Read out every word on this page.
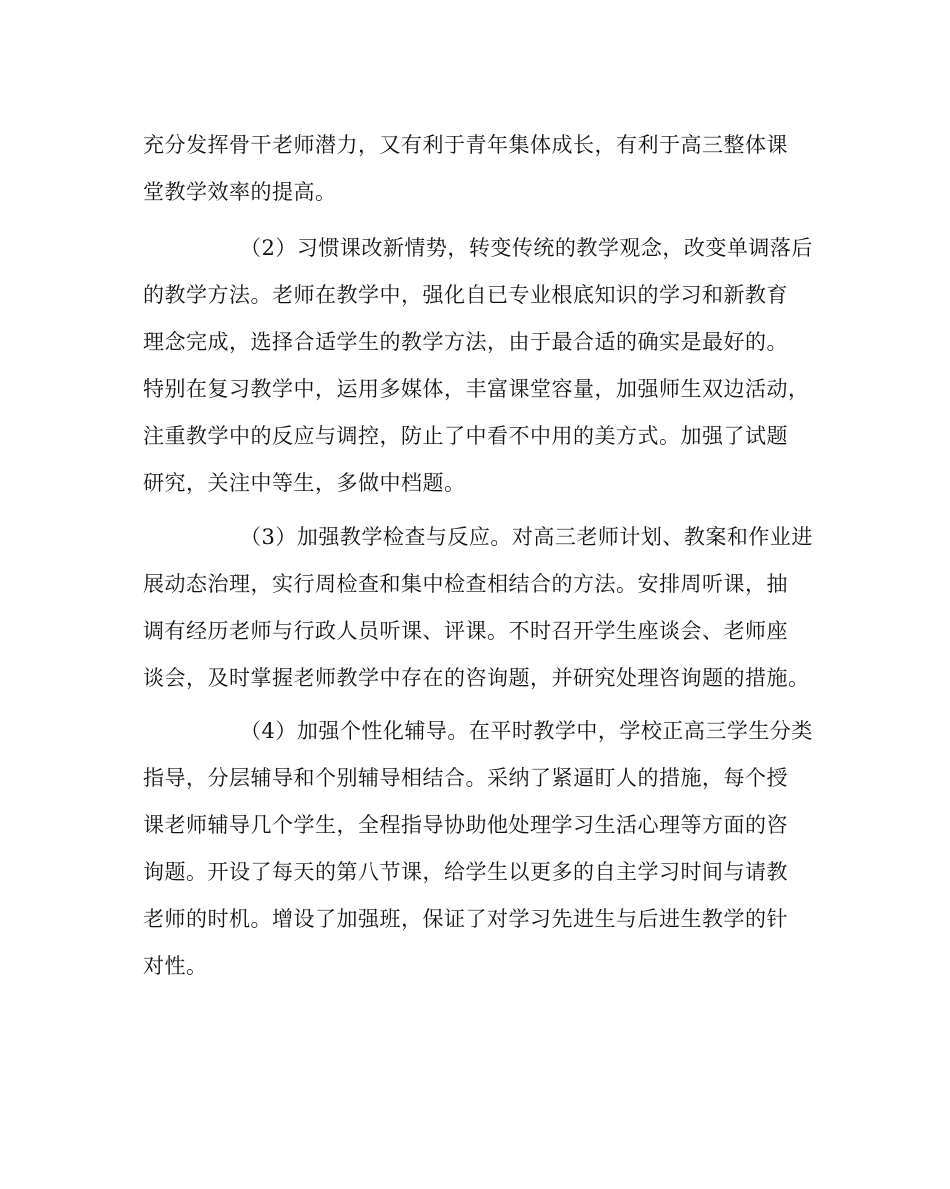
充分发挥骨干老师潜力，又有利于青年集体成长，有利于高三整体课
堂教学效率的提高。
（2）习惯课改新情势，转变传统的教学观念，改变单调落后
的教学方法。老师在教学中，强化自已专业根底知识的学习和新教育
理念完成，选择合适学生的教学方法，由于最合适的确实是最好的。
特别在复习教学中，运用多媒体，丰富课堂容量，加强师生双边活动，
注重教学中的反应与调控，防止了中看不中用的美方式。加强了试题
研究，关注中等生，多做中档题。
（3）加强教学检查与反应。对高三老师计划、教案和作业进
展动态治理，实行周检查和集中检查相结合的方法。安排周听课，抽
调有经历老师与行政人员听课、评课。不时召开学生座谈会、老师座
谈会，及时掌握老师教学中存在的咨询题，并研究处理咨询题的措施。
（4）加强个性化辅导。在平时教学中，学校正高三学生分类
指导，分层辅导和个别辅导相结合。采纳了紧逼盯人的措施，每个授
课老师辅导几个学生，全程指导协助他处理学习生活心理等方面的咨
询题。开设了每天的第八节课，给学生以更多的自主学习时间与请教
老师的时机。增设了加强班，保证了对学习先进生与后进生教学的针
对性。
